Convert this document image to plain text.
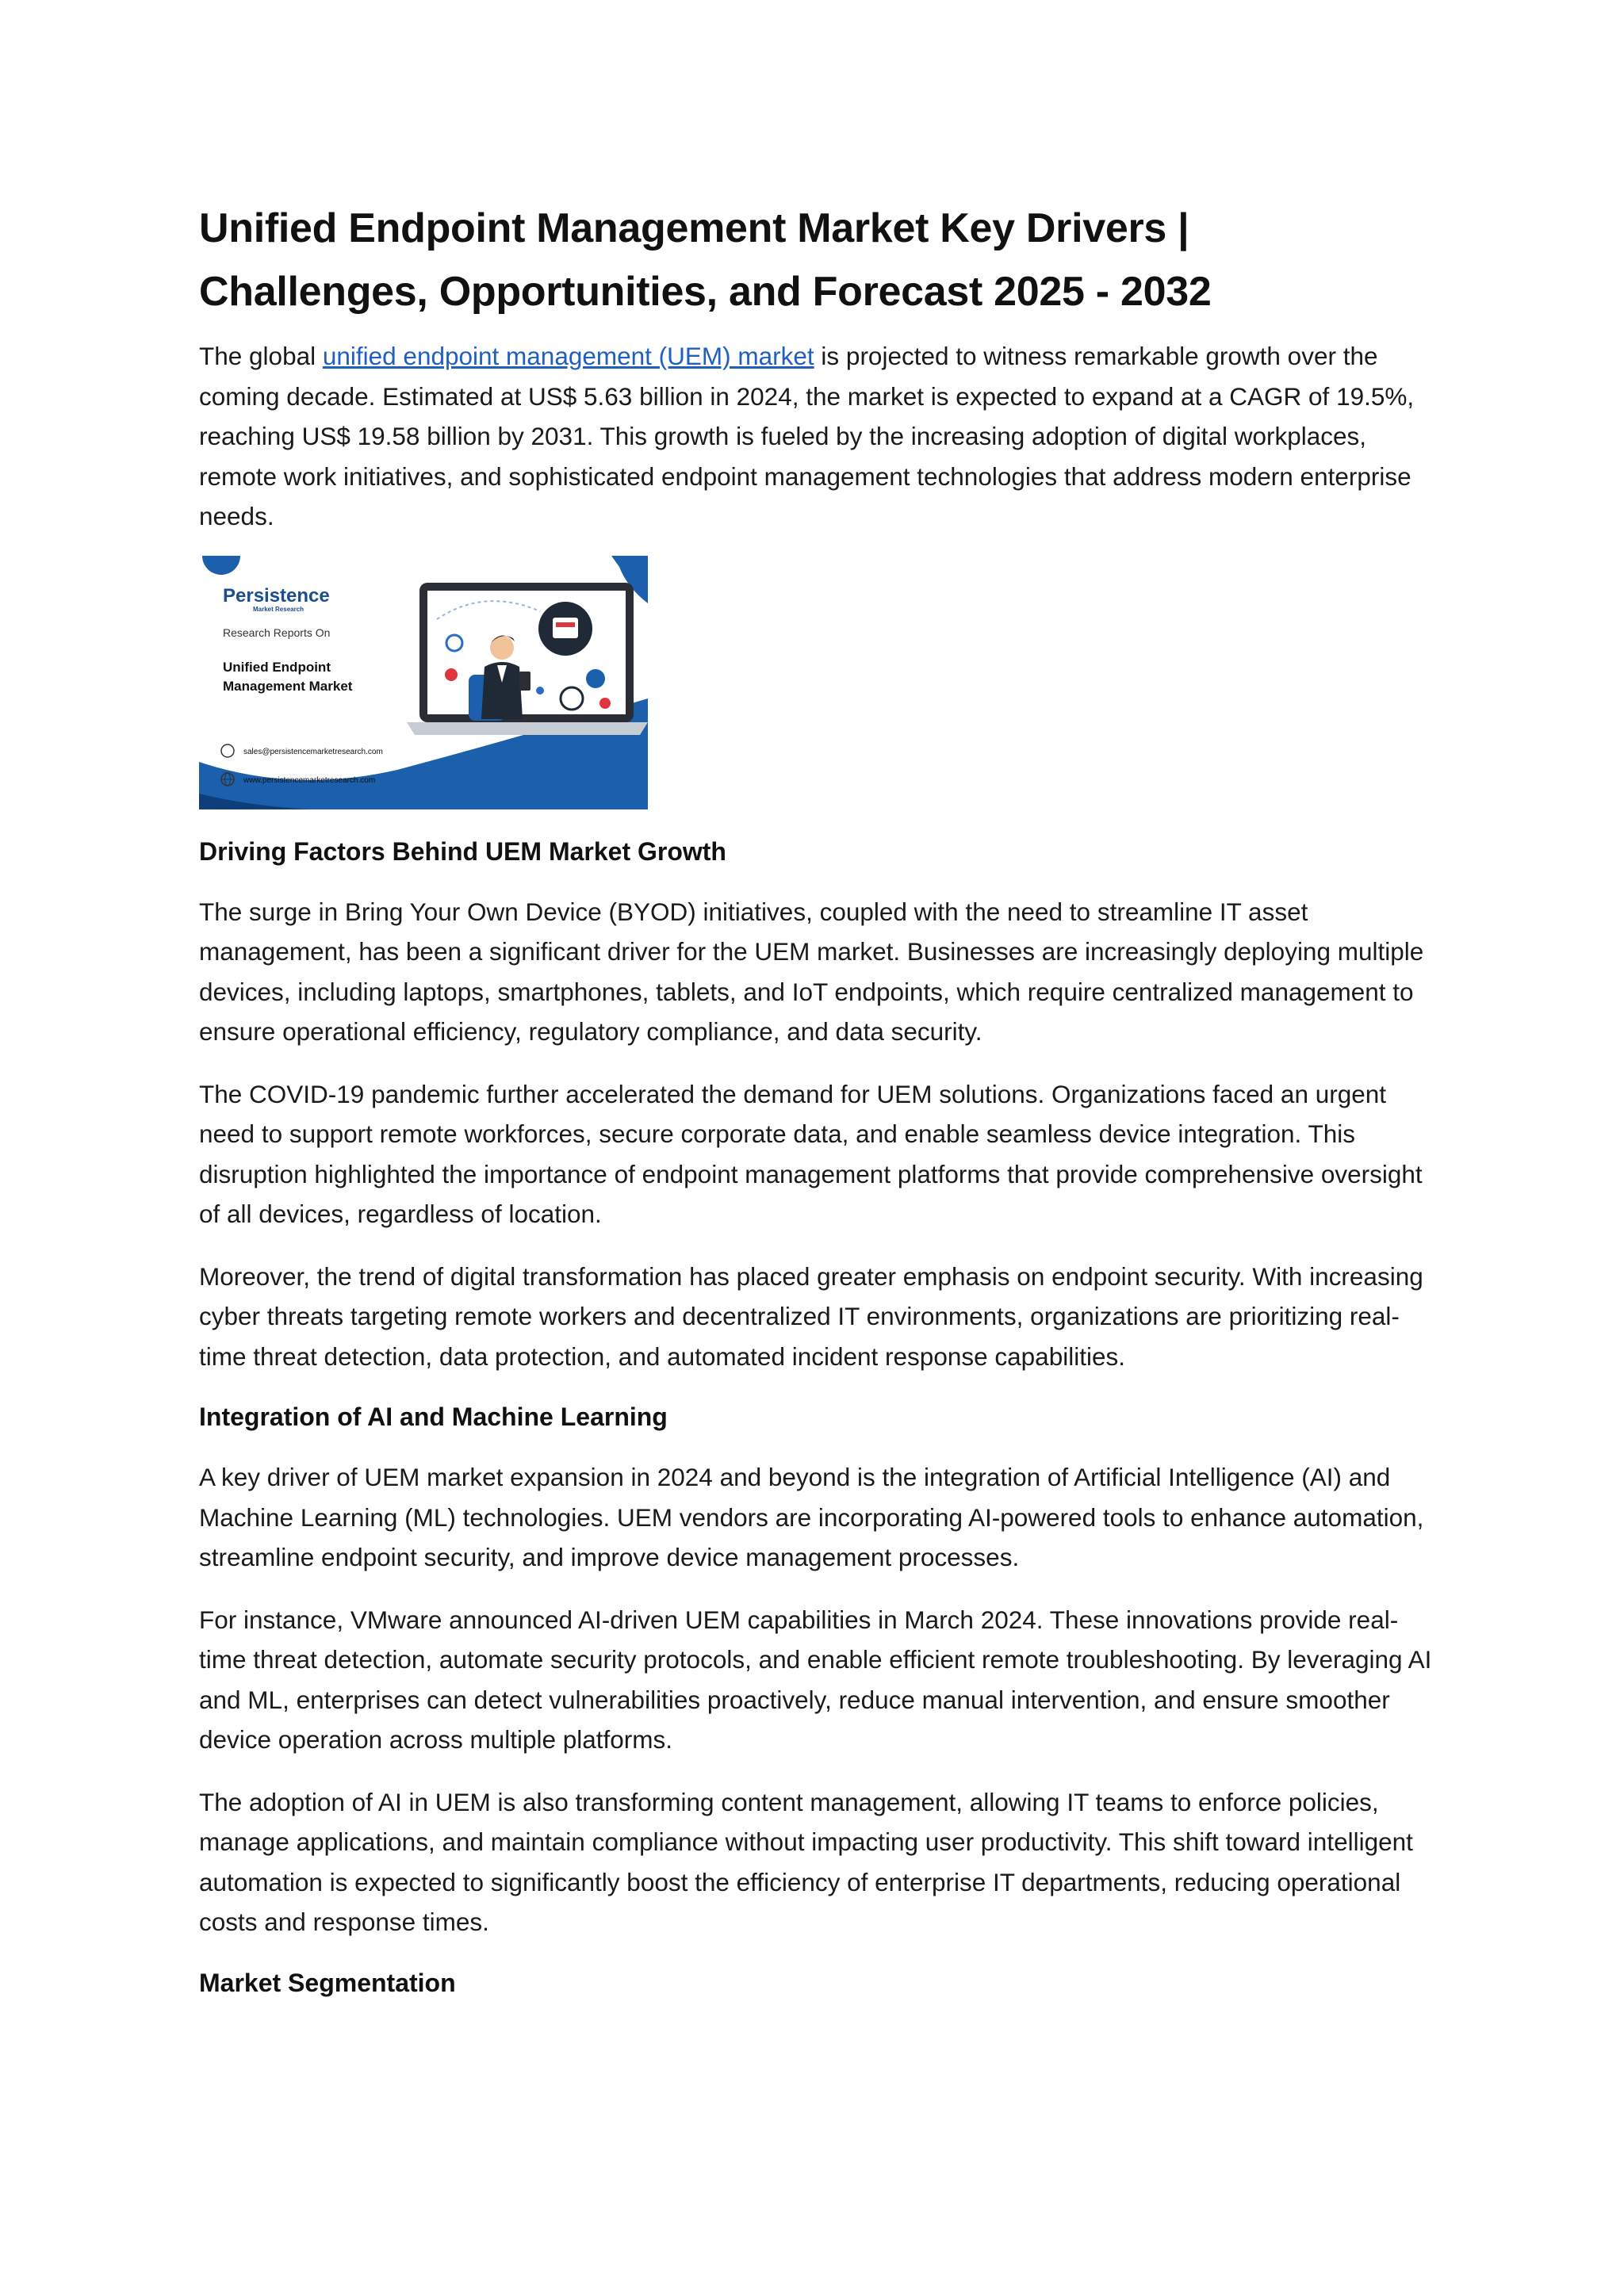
Unified Endpoint Management Market Key Drivers |
Challenges, Opportunities, and Forecast 2025 - 2032

The global unified endpoint management (UEM) market is projected to witness remarkable growth over the coming decade. Estimated at US$ 5.63 billion in 2024, the market is expected to expand at a CAGR of 19.5%, reaching US$ 19.58 billion by 2031. This growth is fueled by the increasing adoption of digital workplaces, remote work initiatives, and sophisticated endpoint management technologies that address modern enterprise needs.

Persistence
Market Research
Research Reports On
Unified Endpoint
Management Market
sales@persistencemarketresearch.com
www.persistencemarketresearch.com
Driving Factors Behind UEM Market Growth

The surge in Bring Your Own Device (BYOD) initiatives, coupled with the need to streamline IT asset management, has been a significant driver for the UEM market. Businesses are increasingly deploying multiple devices, including laptops, smartphones, tablets, and IoT endpoints, which require centralized management to ensure operational efficiency, regulatory compliance, and data security.

The COVID-19 pandemic further accelerated the demand for UEM solutions. Organizations faced an urgent need to support remote workforces, secure corporate data, and enable seamless device integration. This disruption highlighted the importance of endpoint management platforms that provide comprehensive oversight of all devices, regardless of location.

Moreover, the trend of digital transformation has placed greater emphasis on endpoint security. With increasing cyber threats targeting remote workers and decentralized IT environments, organizations are prioritizing real-time threat detection, data protection, and automated incident response capabilities.

Integration of AI and Machine Learning

A key driver of UEM market expansion in 2024 and beyond is the integration of Artificial Intelligence (AI) and Machine Learning (ML) technologies. UEM vendors are incorporating AI-powered tools to enhance automation, streamline endpoint security, and improve device management processes.

For instance, VMware announced AI-driven UEM capabilities in March 2024. These innovations provide real-time threat detection, automate security protocols, and enable efficient remote troubleshooting. By leveraging AI and ML, enterprises can detect vulnerabilities proactively, reduce manual intervention, and ensure smoother device operation across multiple platforms.

The adoption of AI in UEM is also transforming content management, allowing IT teams to enforce policies, manage applications, and maintain compliance without impacting user productivity. This shift toward intelligent automation is expected to significantly boost the efficiency of enterprise IT departments, reducing operational costs and response times.

Market Segmentation
